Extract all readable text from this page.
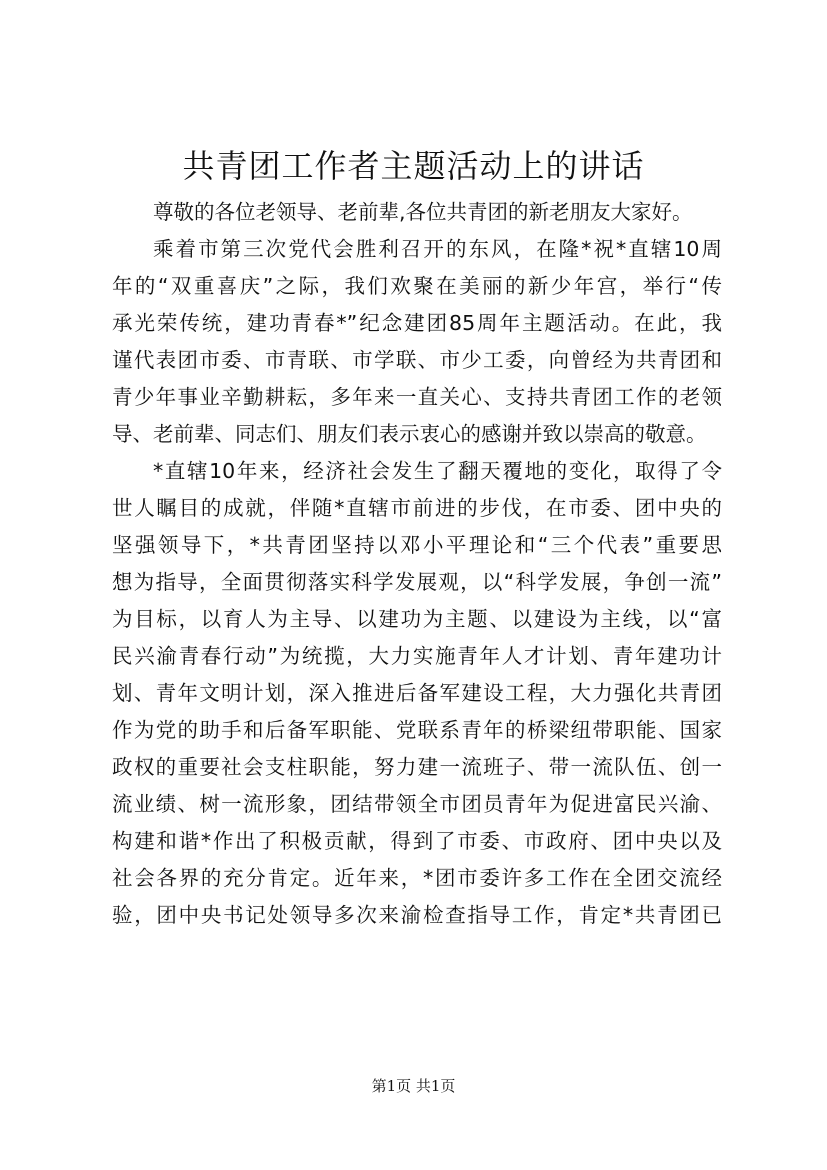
共青团工作者主题活动上的讲话
尊敬的各位老领导、老前辈,各位共青团的新老朋友大家好。
乘着市第三次党代会胜利召开的东风，在隆*祝*直辖10周
年的“双重喜庆”之际，我们欢聚在美丽的新少年宫，举行“传
承光荣传统，建功青春*”纪念建团85周年主题活动。在此，我
谨代表团市委、市青联、市学联、市少工委，向曾经为共青团和
青少年事业辛勤耕耘，多年来一直关心、支持共青团工作的老领
导、老前辈、同志们、朋友们表示衷心的感谢并致以崇高的敬意。
*直辖10年来，经济社会发生了翻天覆地的变化，取得了令
世人瞩目的成就，伴随*直辖市前进的步伐，在市委、团中央的
坚强领导下，*共青团坚持以邓小平理论和“三个代表”重要思
想为指导，全面贯彻落实科学发展观，以“科学发展，争创一流”
为目标，以育人为主导、以建功为主题、以建设为主线，以“富
民兴渝青春行动”为统揽，大力实施青年人才计划、青年建功计
划、青年文明计划，深入推进后备军建设工程，大力强化共青团
作为党的助手和后备军职能、党联系青年的桥梁纽带职能、国家
政权的重要社会支柱职能，努力建一流班子、带一流队伍、创一
流业绩、树一流形象，团结带领全市团员青年为促进富民兴渝、
构建和谐*作出了积极贡献，得到了市委、市政府、团中央以及
社会各界的充分肯定。近年来，*团市委许多工作在全团交流经
验，团中央书记处领导多次来渝检查指导工作，肯定*共青团已
第1页 共1页
